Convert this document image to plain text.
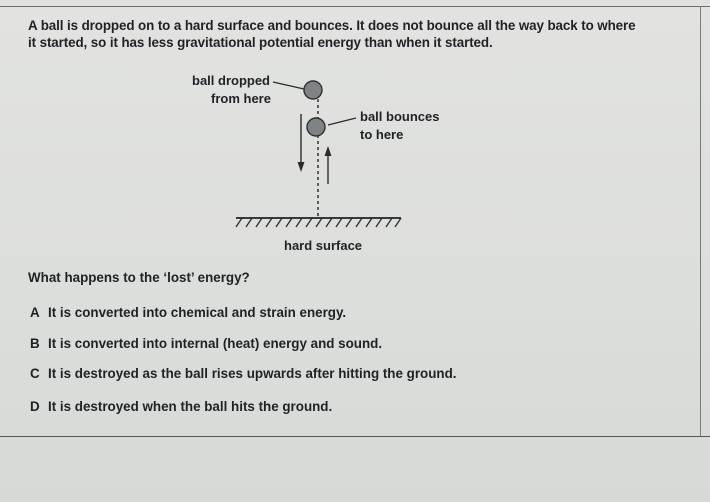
A ball is dropped on to a hard surface and bounces. It does not bounce all the way back to where

it started, so it has less gravitational potential energy than when it started.

ball dropped
from here
ball bounces
to here
hard surface
What happens to the ‘lost’ energy?
A It is converted into chemical and strain energy.
B It is converted into internal (heat) energy and sound.
C It is destroyed as the ball rises upwards after hitting the ground.
D It is destroyed when the ball hits the ground.
